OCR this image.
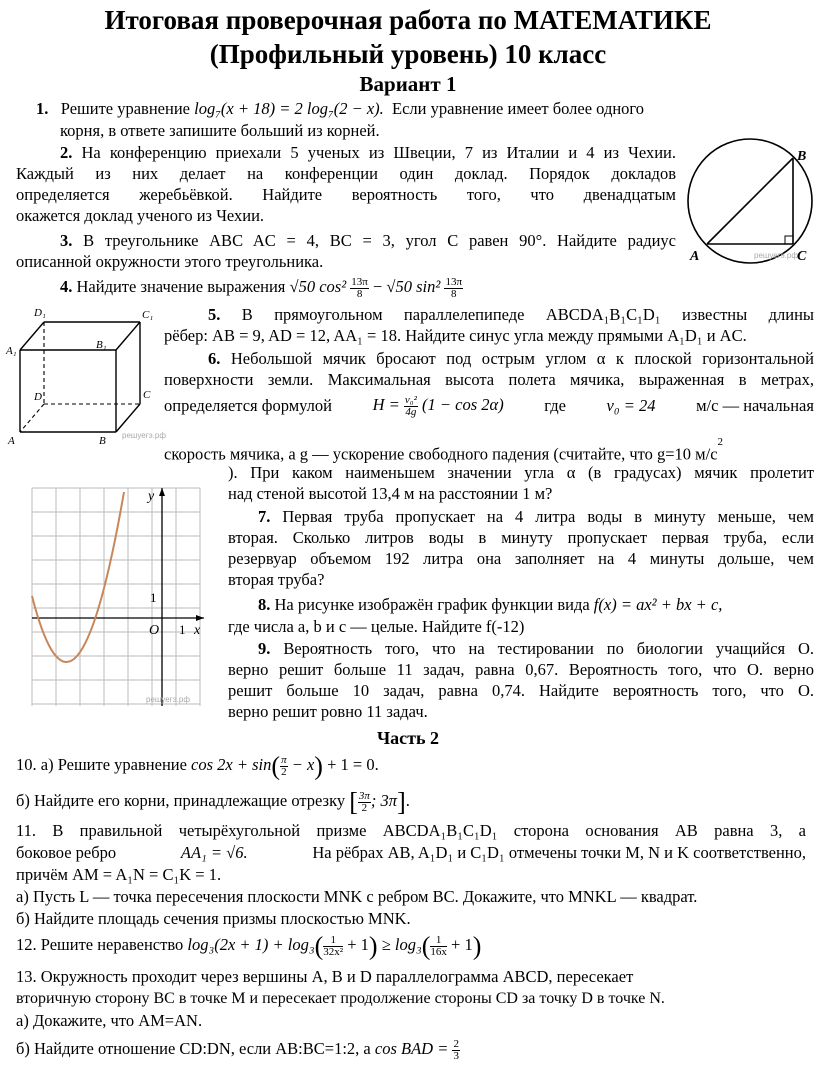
Итоговая проверочная работа по МАТЕМАТИКЕ
(Профильный уровень) 10 класс
Вариант 1
1. Решите уравнение log₇(x + 18) = 2 log₇(2 − x). Если уравнение имеет более одного
корня, в ответе запишите больший из корней.
2. На конференцию приехали 5 ученых из Швеции, 7 из Италии и 4 из Чехии.
Каждый из них делает на конференции один доклад. Порядок докладов
определяется жеребьёвкой. Найдите вероятность того, что двенадцатым
окажется доклад ученого из Чехии.
3. В треугольнике ABC AC = 4, BC = 3, угол C равен 90°. Найдите радиус
описанной окружности этого треугольника.	A
B
C
решуегэ.рф
4. Найдите значение выражения √50 $\cos^2 \frac{13\pi}{8} - √50$ $\sin^2 \frac{13\pi}{8}$
D₁	C₁
A₁	B₁
D	C
A	B решуегэ.рф
5. В прямоугольном параллелепипеде ABCDA₁B₁C₁D₁ известны длины
рёбер: AB = 9, AD = 12, AA₁ = 18. Найдите синус угла между прямыми A₁D₁ и AC.
6. Небольшой мячик бросают под острым углом α к плоской горизонтальной
поверхности земли. Максимальная высота полета мячика, выраженная в метрах,
определяется формулой $H = \frac{\text{v₀²}}{4g} (1 - \cos 2\alpha)$ где v₀ = 24 м/с — начальная
скорость мячика, а g — ускорение свободного падения (считайте, что g=10 $м/с^2$
). При каком наименьшем значении угла α (в градусах) мячик пролетит
над стеной высотой 13,4 м на расстоянии 1 м?
y
x
O
1
1
решуегэ.рф
7. Первая труба пропускает на 4 литра воды в минуту меньше, чем
вторая. Сколько литров воды в минуту пропускает первая труба, если
резервуар объемом 192 литра она заполняет на 4 минуты дольше, чем
вторая труба?
8. На рисунке изображён график функции вида f(x) = ax² + bx + c,
где числа a, b и c — целые. Найдите f(-12)
9. Вероятность того, что на тестировании по биологии учащийся О.
верно решит больше 11 задач, равна 0,67. Вероятность того, что О. верно
решит больше 10 задач, равна 0,74. Найдите вероятность того, что О.
верно решит ровно 11 задач.
Часть 2
10. а) Решите уравнение $\cos 2x + \sin( \frac{\pi}{2} - x) + 1 = 0$.
б) Найдите его корни, принадлежащие отрезку [ $\frac{3\pi}{2}$ ; 3π].
11. В правильной четырёхугольной призме ABCDA₁B₁C₁D₁ сторона основания AB равна 3, а
боковое ребро	AA₁ = √6.	На рёбрах AB, A₁D₁ и C₁D₁ отмечены точки M, N и K соответственно,
причём AM = A₁N = C₁K = 1.
а) Пусть L — точка пересечения плоскости MNK с ребром BC. Докажите, что MNKL — квадрат.
б) Найдите площадь сечения призмы плоскостью MNK.
12. Решите неравенство $\log_3(2x + 1) + \log_3( \frac{1}{\text{32x²}} + 1) \ge \log_3( \frac{1}{16x} + 1)$
13. Окружность проходит через вершины A, B и D параллелограмма ABCD, пересекает
вторичную сторону BC в точке M и пересекает продолжение стороны CD за точку D в точке N.
а) Докажите, что AM=AN.
б) Найдите отношение CD:DN, если AB:BC=1:2, а cos BAD = $\frac{2}{3}$
